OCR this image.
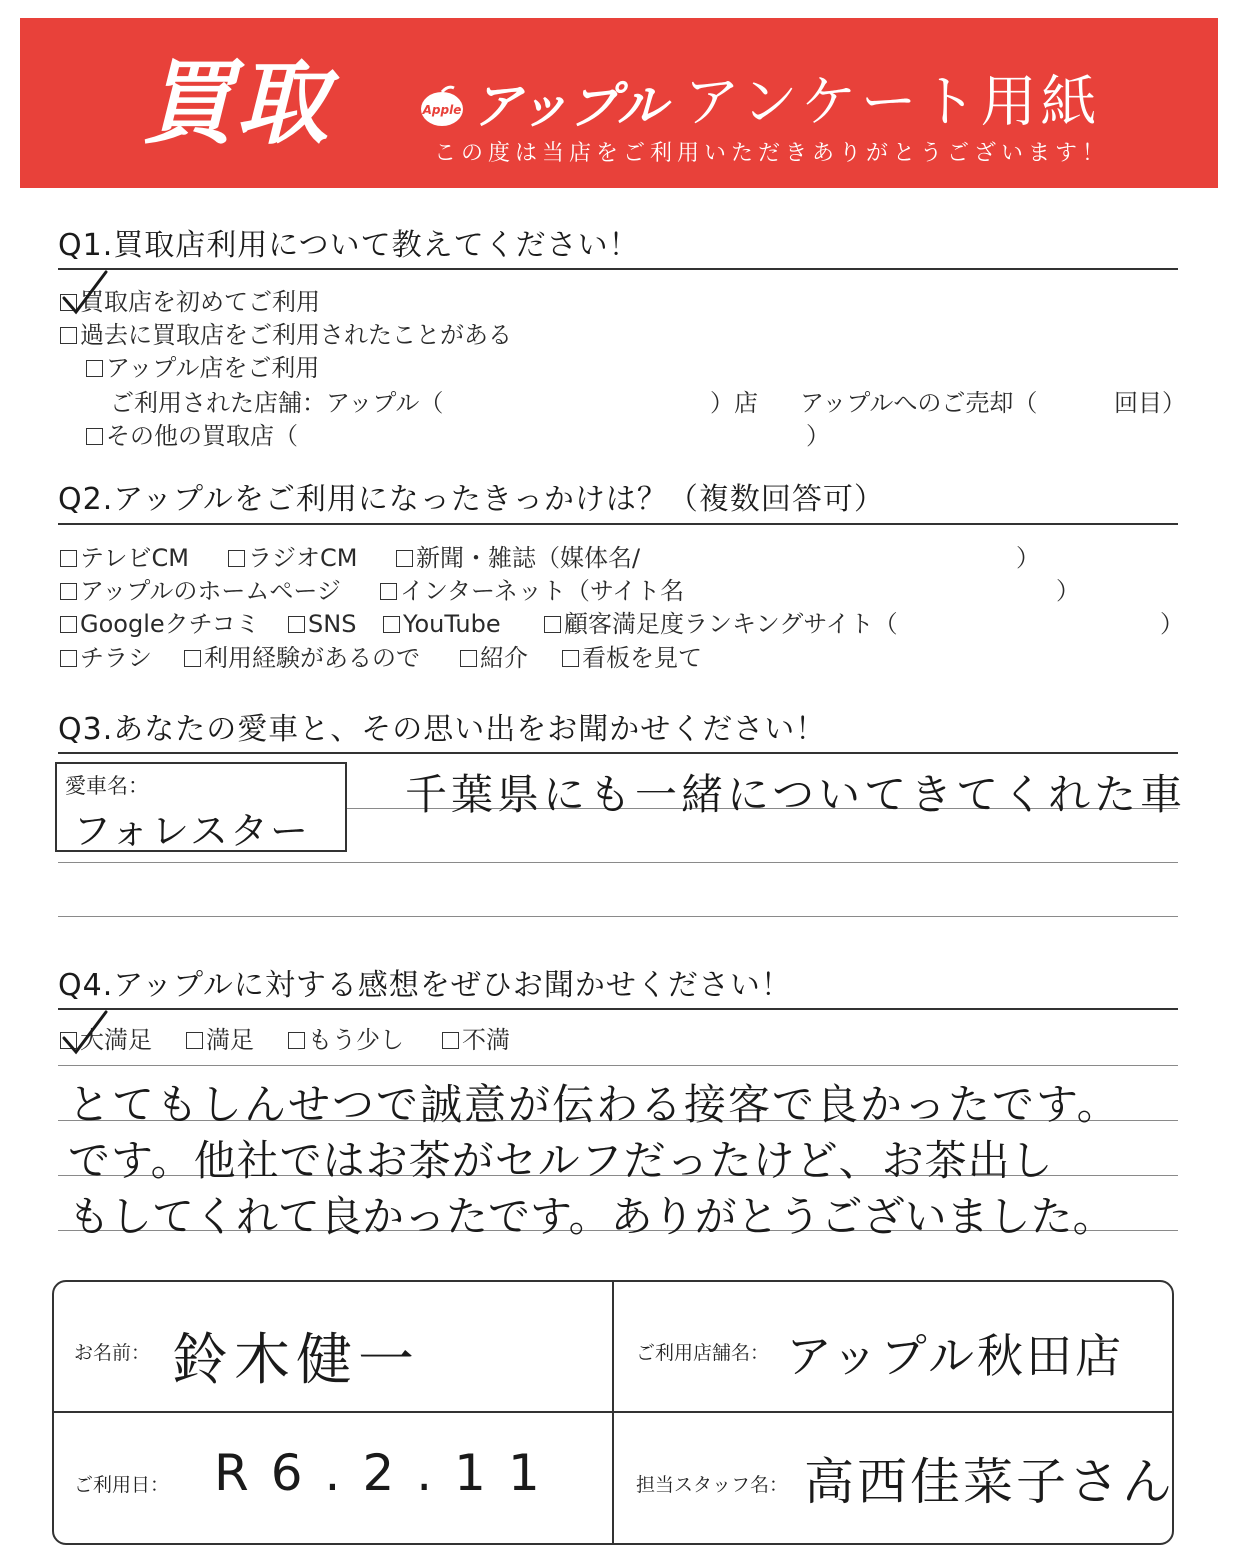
買取	Apple アップル アンケート用紙
この度は当店をご利用いただきありがとうございます！
Q1.買取店利用について教えてください！
買取店を初めてご利用
過去に買取店をご利用されたことがある
アップル店をご利用
ご利用された店舗：アップル（	）店 アップルへのご売却（	回目）
その他の買取店（	）
Q2.アップルをご利用になったきっかけは？（複数回答可）
テレビCM	ラジオCM	新聞・雑誌（媒体名/	）
アップルのホームページ	インターネット（サイト名	）
Googleクチコミ	SNS	YouTube	顧客満足度ランキングサイト（	）
チラシ	利用経験があるので	紹介	看板を見て
Q3.あなたの愛車と、その思い出をお聞かせください！
愛車名：
フォレスター
千葉県にも一緒についてきてくれた車
Q4.アップルに対する感想をぜひお聞かせください！
大満足	満足	もう少し	不満
とてもしんせつで誠意が伝わる接客で良かったです。
です。他社ではお茶がセルフだったけど、お茶出し
もしてくれて良かったです。ありがとうございました。
お名前： 鈴木健一	ご利用店舗名： アップル秋田店
ご利用日： R6.2.11	担当スタッフ名： 高西佳菜子さん
